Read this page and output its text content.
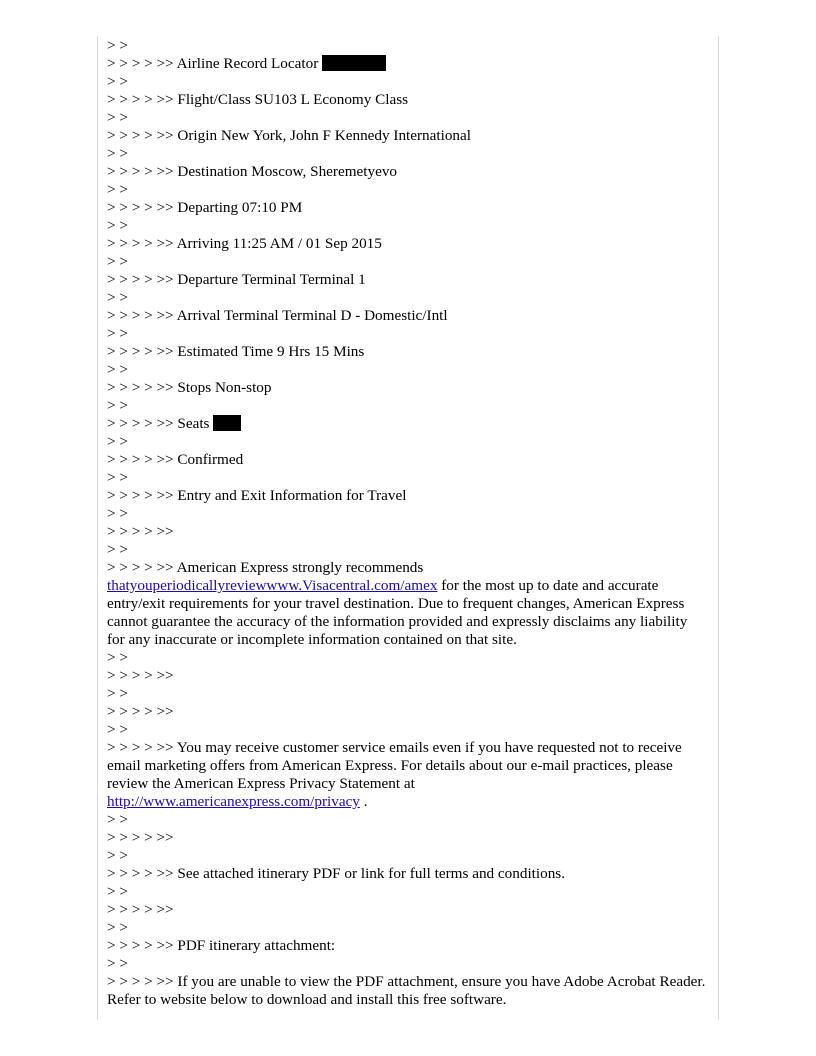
> >
> > > > >> Airline Record Locator
> >
> > > > >> Flight/Class SU103 L Economy Class
> >
> > > > >> Origin New York, John F Kennedy International
> >
> > > > >> Destination Moscow, Sheremetyevo
> >
> > > > >> Departing 07:10 PM
> >
> > > > >> Arriving 11:25 AM / 01 Sep 2015
> >
> > > > >> Departure Terminal Terminal 1
> >
> > > > >> Arrival Terminal Terminal D - Domestic/Intl
> >
> > > > >> Estimated Time 9 Hrs 15 Mins
> >
> > > > >> Stops Non-stop
> >
> > > > >> Seats
> >
> > > > >> Confirmed
> >
> > > > >> Entry and Exit Information for Travel
> >
> > > > >>
> >
> > > > >> American Express strongly recommends
thatyouperiodicallyreviewwww.Visacentral.com/amex for the most up to date and accurate entry/exit requirements for your travel destination. Due to frequent changes, American Express cannot guarantee the accuracy of the information provided and expressly disclaims any liability for any inaccurate or incomplete information contained on that site.
> >
> > > > >>
> >
> > > > >>
> >
> > > > >> You may receive customer service emails even if you have requested not to receive email marketing offers from American Express. For details about our e-mail practices, please review the American Express Privacy Statement at
http://www.americanexpress.com/privacy .
> >
> > > > >>
> >
> > > > >> See attached itinerary PDF or link for full terms and conditions.
> >
> > > > >>
> >
> > > > >> PDF itinerary attachment:
> >
> > > > >> If you are unable to view the PDF attachment, ensure you have Adobe Acrobat Reader. Refer to website below to download and install this free software.
